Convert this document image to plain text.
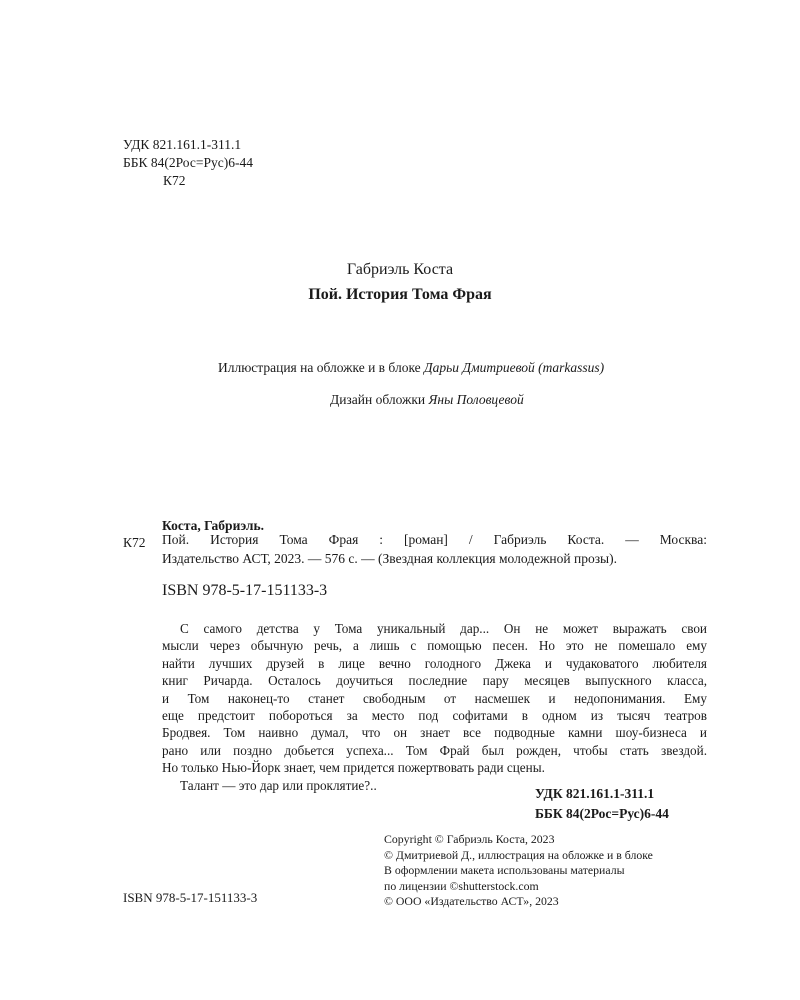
УДК 821.161.1-311.1
ББК 84(2Рос=Рус)6-44
К72
Габриэль Коста
Пой. История Тома Фрая
Иллюстрация на обложке и в блоке Дарьи Дмитриевой (markassus)
Дизайн обложки Яны Половцевой
Коста, Габриэль.
К72 Пой. История Тома Фрая : [роман] / Габриэль Коста. — Москва:
Издательство АСТ, 2023. — 576 с. — (Звездная коллекция молодежной прозы).
ISBN 978-5-17-151133-3
С самого детства у Тома уникальный дар... Он не может выражать свои
мысли через обычную речь, а лишь с помощью песен. Но это не помешало ему
найти лучших друзей в лице вечно голодного Джека и чудаковатого любителя
книг Ричарда. Осталось доучиться последние пару месяцев выпускного класса,
и Том наконец-то станет свободным от насмешек и недопонимания. Ему
еще предстоит побороться за место под софитами в одном из тысяч театров
Бродвея. Том наивно думал, что он знает все подводные камни шоу-бизнеса и
рано или поздно добьется успеха... Том Фрай был рожден, чтобы стать звездой.
Но только Нью-Йорк знает, чем придется пожертвовать ради сцены.
Талант — это дар или проклятие?..
УДК 821.161.1-311.1
ББК 84(2Рос=Рус)6-44
ISBN 978-5-17-151133-3
Copyright © Габриэль Коста, 2023
© Дмитриевой Д., иллюстрация на обложке и в блоке
В оформлении макета использованы материалы
по лицензии ©shutterstock.com
© ООО «Издательство АСТ», 2023
